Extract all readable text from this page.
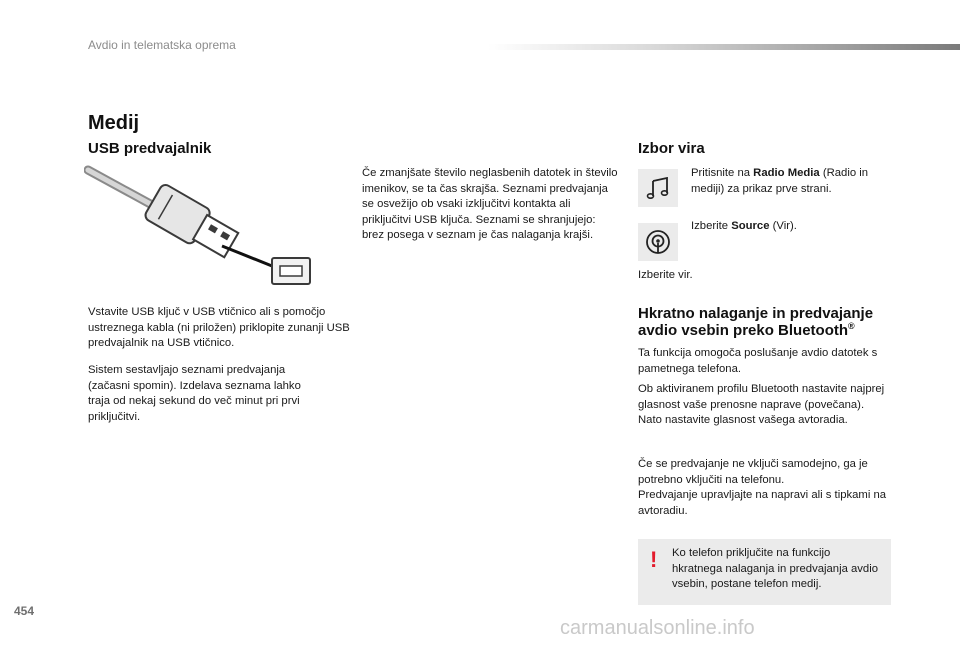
Avdio in telematska oprema
Medij
USB predvajalnik

Vstavite USB ključ v USB vtičnico ali s pomočjo ustreznega kabla (ni priložen) priklopite zunanji USB predvajalnik na USB vtičnico.

Sistem sestavljajo seznami predvajanja (začasni spomin). Izdelava seznama lahko traja od nekaj sekund do več minut pri prvi priključitvi.

Če zmanjšate število neglasbenih datotek in število imenikov, se ta čas skrajša. Seznami predvajanja se osvežijo ob vsaki izključitvi kontakta ali priključitvi USB ključa. Seznami se shranjujejo: brez posega v seznam je čas nalaganja krajši.

Izbor vira

Pritisnite na Radio Media (Radio in mediji) za prikaz prve strani.

Izberite Source (Vir).

Izberite vir.

Hkratno nalaganje in predvajanje
avdio vsebin preko Bluetooth®

Ta funkcija omogoča poslušanje avdio datotek s pametnega telefona.

Ob aktiviranem profilu Bluetooth nastavite najprej glasnost vaše prenosne naprave (povečana).
Nato nastavite glasnost vašega avtoradia.

Če se predvajanje ne vključi samodejno, ga je potrebno vključiti na telefonu.
Predvajanje upravljajte na napravi ali s tipkami na avtoradiu.

! Ko telefon priključite na funkcijo hkratnega nalaganja in predvajanja avdio vsebin, postane telefon medij.

454
carmanualsonline.info
